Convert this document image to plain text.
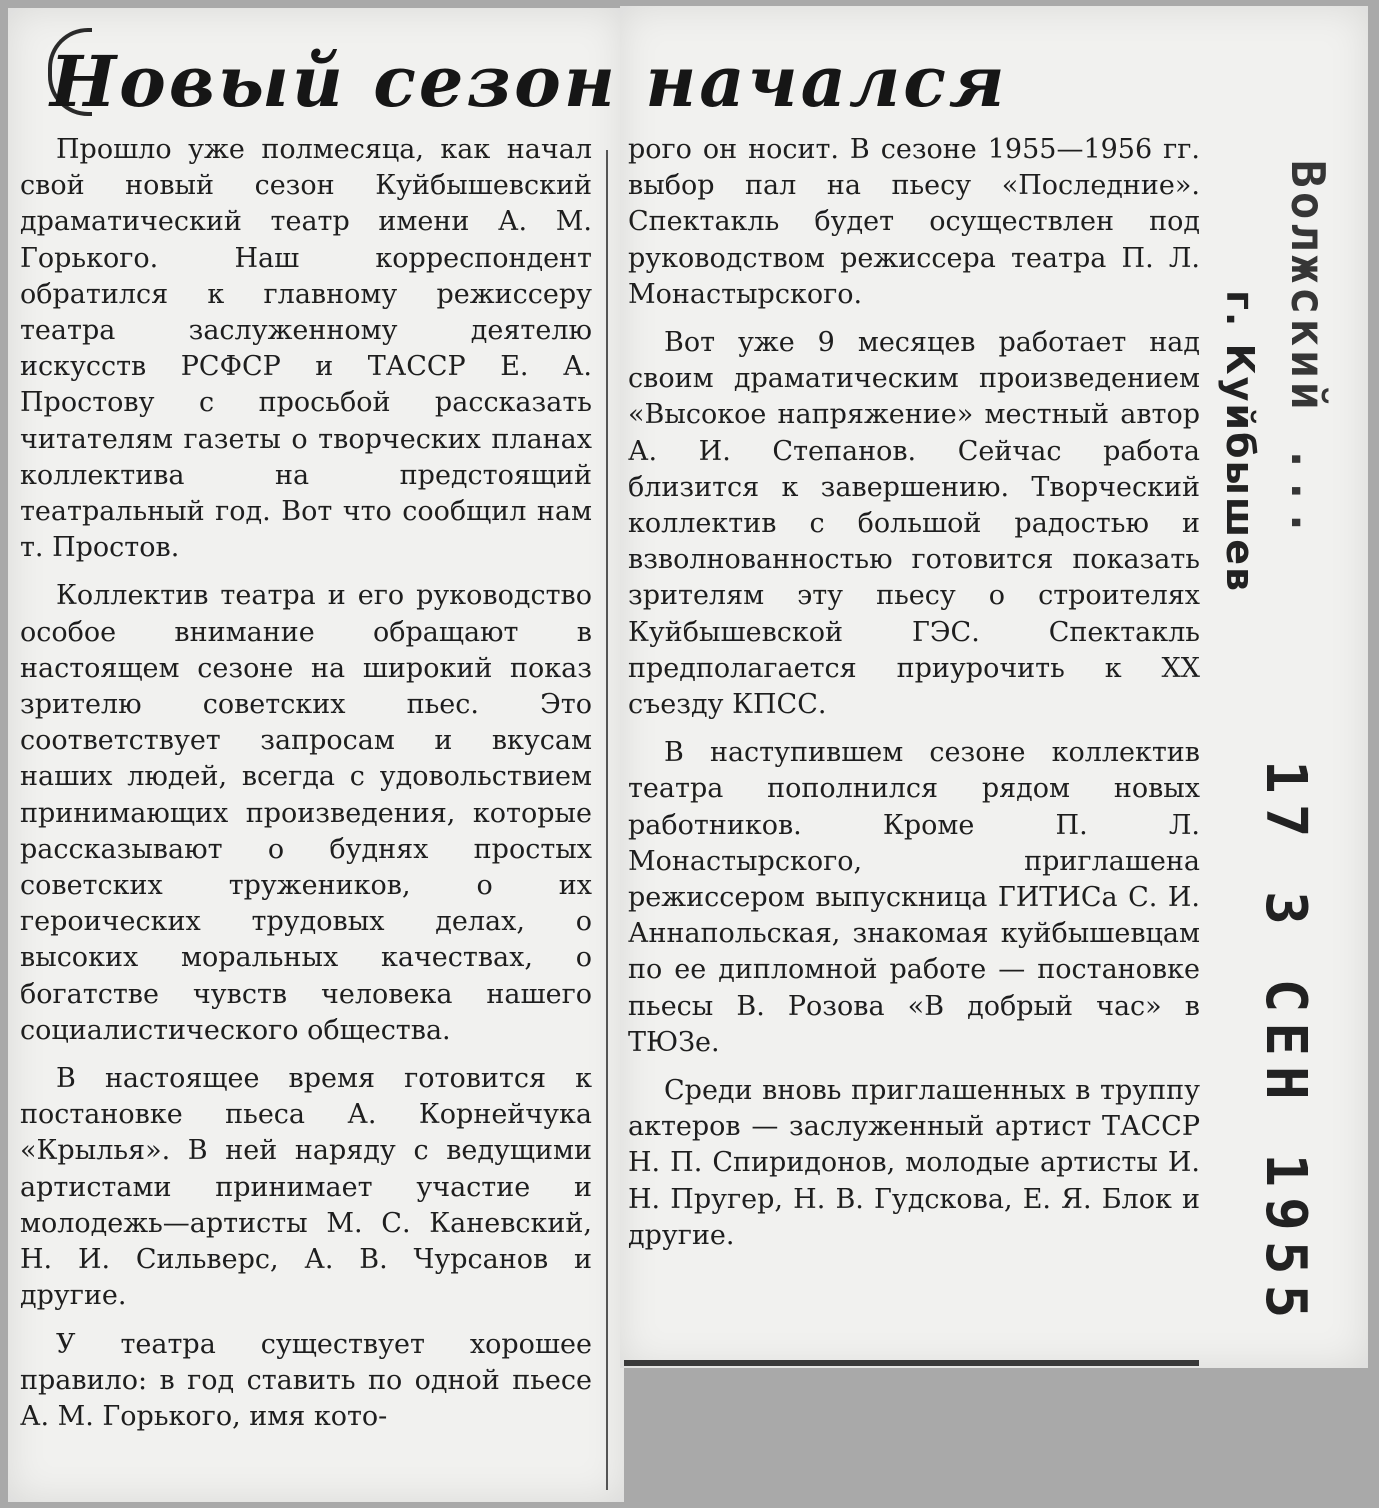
Новый сезон начался

Прошло уже полмесяца, как начал свой новый сезон Куйбышевский драматический театр имени А. М. Горького. Наш корреспондент обратился к главному режиссеру театра заслуженному деятелю искусств РСФСР и ТАССР Е. А. Простову с просьбой рассказать читателям газеты о творческих планах коллектива на предстоящий театральный год. Вот что сообщил нам т. Простов.

Коллектив театра и его руководство особое внимание обращают в настоящем сезоне на широкий показ зрителю советских пьес. Это соответствует запросам и вкусам наших людей, всегда с удовольствием принимающих произведения, которые рассказывают о буднях простых советских тружеников, о их героических трудовых делах, о высоких моральных качествах, о богатстве чувств человека нашего социалистического общества.

В настоящее время готовится к постановке пьеса А. Корнейчука «Крылья». В ней наряду с ведущими артистами принимает участие и молодежь—артисты М. С. Каневский, Н. И. Сильверс, А. В. Чурсанов и другие.

У театра существует хорошее правило: в год ставить по одной пьесе А. М. Горького, имя кото-

рого он носит. В сезоне 1955—1956 гг. выбор пал на пьесу «Последние». Спектакль будет осуществлен под руководством режиссера театра П. Л. Монастырского.

Вот уже 9 месяцев работает над своим драматическим произведением «Высокое напряжение» местный автор А. И. Степанов. Сейчас работа близится к завершению. Творческий коллектив с большой радостью и взволнованностью готовится показать зрителям эту пьесу о строителях Куйбышевской ГЭС. Спектакль предполагается приурочить к XX съезду КПСС.

В наступившем сезоне коллектив театра пополнился рядом новых работников. Кроме П. Л. Монастырского, приглашена режиссером выпускница ГИТИСа С. И. Аннапольская, знакомая куйбышевцам по ее дипломной работе — постановке пьесы В. Розова «В добрый час» в ТЮЗе.

Среди вновь приглашенных в труппу актеров — заслуженный артист ТАССР Н. П. Спиридонов, молодые артисты И. Н. Пругер, Н. В. Гудскова, Е. Я. Блок и другие.

Волжский ...
г. Куйбышев
17 3 СЕН 1955
